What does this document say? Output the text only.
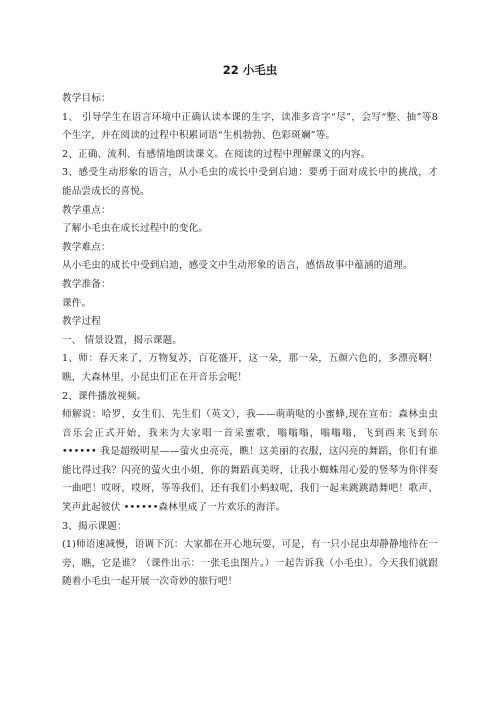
22 小毛虫

教学目标：

1、 引导学生在语言环境中正确认读本课的生字，读准多音字“尽”，会写“整、抽”等8个生字，并在阅读的过程中积累词语“生机勃勃、色彩斑斓”等。

2、正确、流利、有感情地朗读课文。在阅读的过程中理解课文的内容。

3、感受生动形象的语言，从小毛虫的成长中受到启迪：要勇于面对成长中的挑战，才能品尝成长的喜悦。

教学重点：

了解小毛虫在成长过程中的变化。

教学难点：

从小毛虫的成长中受到启迪，感受文中生动形象的语言，感悟故事中蕴涵的道理。

教学准备：

课件。

教学过程

一、 情景设置，揭示课题。

1、师：春天来了，万物复苏，百花盛开，这一朵，那一朵，五颜六色的，多漂亮啊！瞧，大森林里，小昆虫们正在开音乐会呢！

2、课件播放视频。

师解说：哈罗，女生们、先生们（英文），我——萌萌哒的小蜜蜂,现在宣布：森林虫虫音乐会正式开始，我来为大家唱一首采蜜歌，嗡嗡嗡，嗡嗡嗡，飞到西来飞到东 •••••• 我是超级明星——萤火虫亮亮，瞧！这美丽的衣服，这闪亮的舞蹈，你们有谁能比得过我？闪亮的萤火虫小姐，你的舞蹈真美呀，让我小蜘蛛用心爱的竖琴为你伴奏一曲吧！哎呀，哎呀，等等我们，还有我们小蚂蚁呢，我们一起来跳跳踏舞吧！歌声、笑声此起彼伏 ••••••森林里成了一片欢乐的海洋。

3、揭示课题：

(1)师语速减慢，语调下沉：大家都在开心地玩耍，可是，有一只小昆虫却静静地待在一旁，瞧，它是谁？（课件出示：一张毛虫图片。）一起告诉我（小毛虫）。今天我们就跟随着小毛虫一起开展一次奇妙的旅行吧！
